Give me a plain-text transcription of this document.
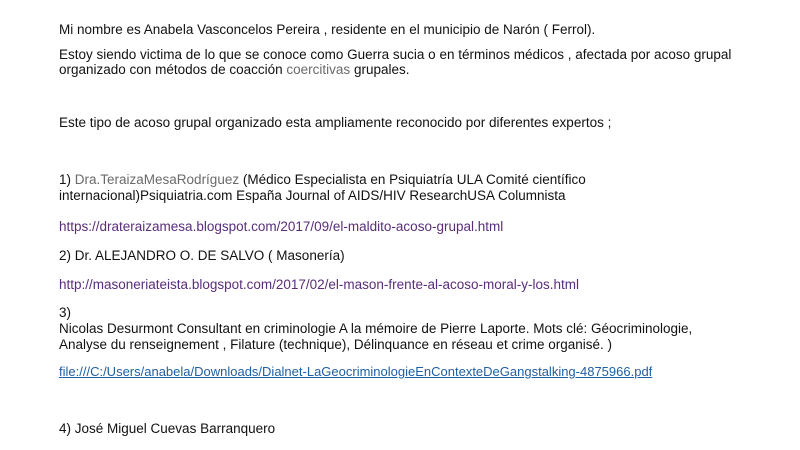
Mi nombre es Anabela Vasconcelos Pereira , residente en el municipio de Narón ( Ferrol).
Estoy siendo victima de lo que se conoce como Guerra sucia o en términos médicos , afectada por acoso grupal
organizado con métodos de coacción coercitivas grupales.
Este tipo de acoso grupal organizado esta ampliamente reconocido por diferentes expertos ;
1) Dra.TeraizaMesaRodríguez (Médico Especialista en Psiquiatría ULA Comité científico
internacional)Psiquiatria.com España Journal of AIDS/HIV ResearchUSA Columnista
https://drateraizamesa.blogspot.com/2017/09/el-maldito-acoso-grupal.html
2) Dr. ALEJANDRO O. DE SALVO ( Masonería)
http://masoneriateista.blogspot.com/2017/02/el-mason-frente-al-acoso-moral-y-los.html
3)
Nicolas Desurmont Consultant en criminologie A la mémoire de Pierre Laporte. Mots clé: Géocriminologie,
Analyse du renseignement , Filature (technique), Délinquance en réseau et crime organisé. )
file:///C:/Users/anabela/Downloads/Dialnet-LaGeocriminologieEnContexteDeGangstalking-4875966.pdf
4) José Miguel Cuevas Barranquero
